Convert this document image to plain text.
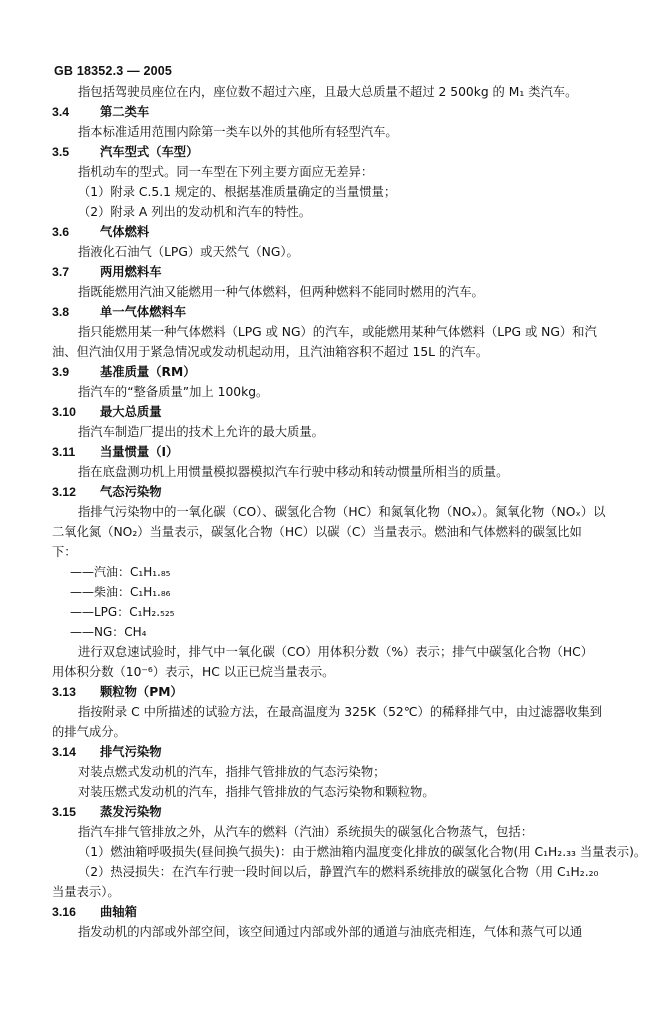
GB 18352.3 — 2005
指包括驾驶员座位在内，座位数不超过六座，且最大总质量不超过 2 500kg 的 M₁ 类汽车。
3.4	第二类车
指本标准适用范围内除第一类车以外的其他所有轻型汽车。
3.5	汽车型式（车型）
指机动车的型式。同一车型在下列主要方面应无差异：
（1）附录 C.5.1 规定的、根据基准质量确定的当量惯量；
（2）附录 A 列出的发动机和汽车的特性。
3.6	气体燃料
指液化石油气（LPG）或天然气（NG）。
3.7	两用燃料车
指既能燃用汽油又能燃用一种气体燃料，但两种燃料不能同时燃用的汽车。
3.8	单一气体燃料车
指只能燃用某一种气体燃料（LPG 或 NG）的汽车，或能燃用某种气体燃料（LPG 或 NG）和汽
油、但汽油仅用于紧急情况或发动机起动用，且汽油箱容积不超过 15L 的汽车。
3.9	基准质量（RM）
指汽车的“整备质量”加上 100kg。
3.10 最大总质量
指汽车制造厂提出的技术上允许的最大质量。
3.11 当量惯量（I）
指在底盘测功机上用惯量模拟器模拟汽车行驶中移动和转动惯量所相当的质量。
3.12 气态污染物
指排气污染物中的一氧化碳（CO）、碳氢化合物（HC）和氮氧化物（NOₓ）。氮氧化物（NOₓ）以
二氧化氮（NO₂）当量表示，碳氢化合物（HC）以碳（C）当量表示。燃油和气体燃料的碳氢比如
下：
——汽油：C₁H₁.₈₅
——柴油：C₁H₁.₈₆
——LPG：C₁H₂.₅₂₅
——NG：CH₄
进行双怠速试验时，排气中一氧化碳（CO）用体积分数（%）表示；排气中碳氢化合物（HC）
用体积分数（10⁻⁶）表示，HC 以正已烷当量表示。
3.13 颗粒物（PM）
指按附录 C 中所描述的试验方法，在最高温度为 325K（52℃）的稀释排气中，由过滤器收集到
的排气成分。
3.14 排气污染物
对装点燃式发动机的汽车，指排气管排放的气态污染物；
对装压燃式发动机的汽车，指排气管排放的气态污染物和颗粒物。
3.15 蒸发污染物
指汽车排气管排放之外，从汽车的燃料（汽油）系统损失的碳氢化合物蒸气，包括：
（1）燃油箱呼吸损失(昼间换气损失)：由于燃油箱内温度变化排放的碳氢化合物(用 C₁H₂.₃₃ 当量表示)。
（2）热浸损失：在汽车行驶一段时间以后，静置汽车的燃料系统排放的碳氢化合物（用 C₁H₂.₂₀
当量表示）。
3.16 曲轴箱
指发动机的内部或外部空间，该空间通过内部或外部的通道与油底壳相连，气体和蒸气可以通
